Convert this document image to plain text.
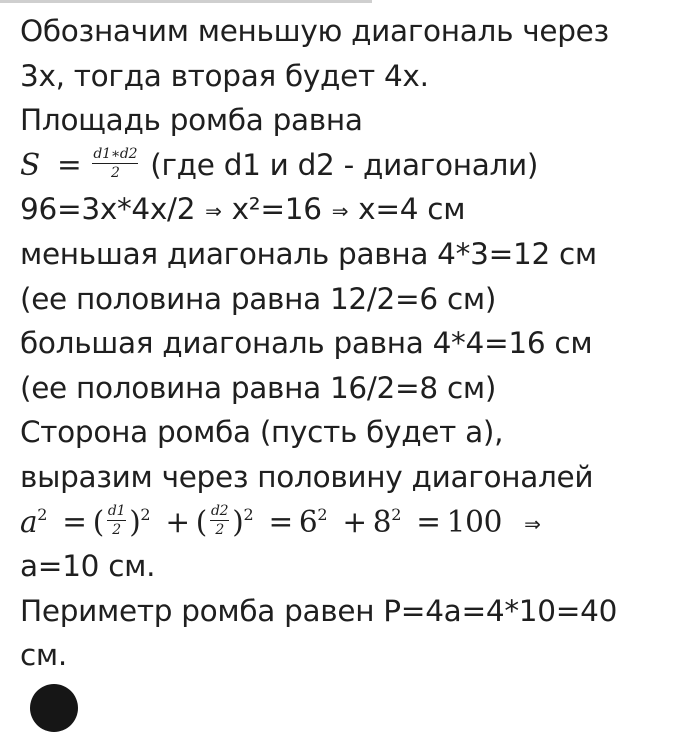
Обозначим меньшую диагональ через
3x, тогда вторая будет 4x.
Площадь ромба равна
$S = \frac{d1∗d2}{2} (где$ d1 и d2 - диагонали)
96=3x*4x/2 ⇒ x²=16 ⇒ x=4 см
меньшая диагональ равна 4*3=12 см
(ее половина равна 12/2=6 см)
большая диагональ равна 4*4=16 см
(ее половина равна 16/2=8 см)
Сторона ромба (пусть будет а),
выразим через половину диагоналей
$a^2$ = ( $\frac{d1}{2} )^2$ + ( $\frac{d2}{2} )^2 = 6^2 + 8^2 = 100$ ⇒
а=10 см.
Периметр ромба равен P=4a=4*10=40
см.
